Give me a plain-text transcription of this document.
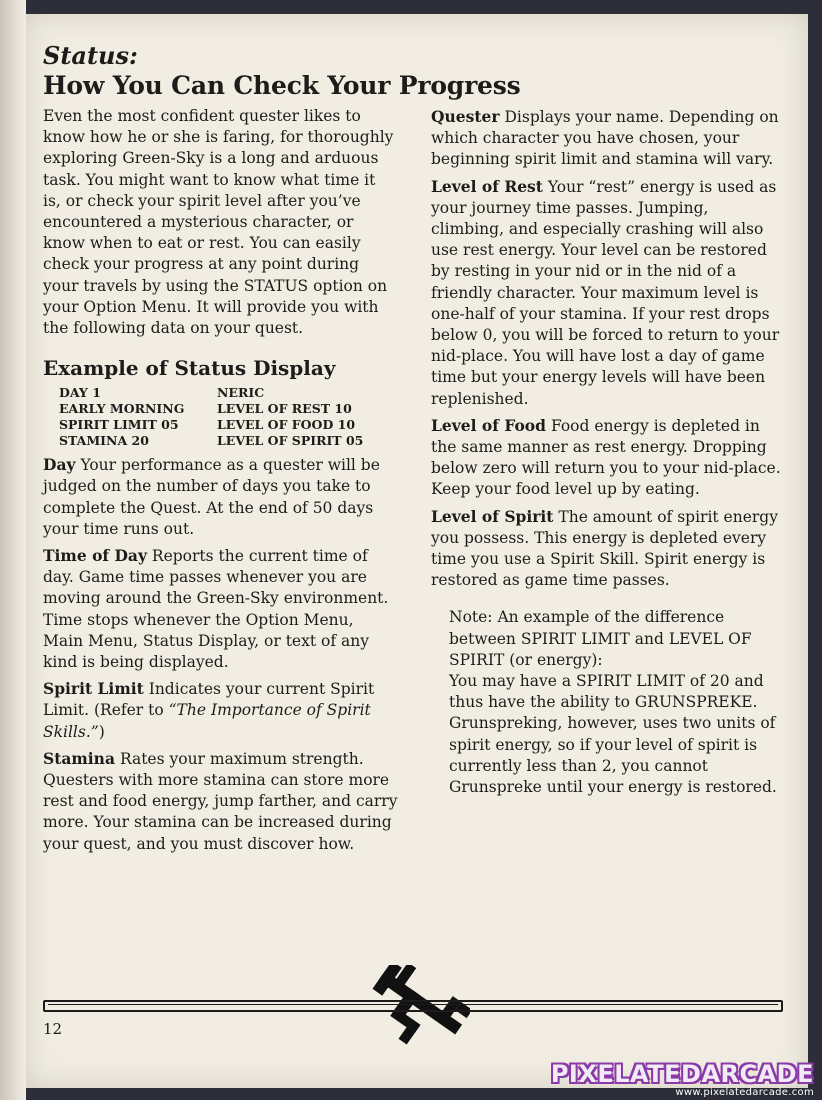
Status:
How You Can Check Your Progress

Even the most confident quester likes to know how he or she is faring, for thoroughly exploring Green-Sky is a long and arduous task. You might want to know what time it is, or check your spirit level after you’ve encountered a mysterious character, or know when to eat or rest. You can easily check your progress at any point during your travels by using the STATUS option on your Option Menu. It will provide you with the following data on your quest.

Example of Status Display

DAY 1	NERIC
EARLY MORNING	LEVEL OF REST 10
SPIRIT LIMIT 05	LEVEL OF FOOD 10
STAMINA 20	LEVEL OF SPIRIT 05

Day Your performance as a quester will be judged on the number of days you take to complete the Quest. At the end of 50 days your time runs out.

Time of Day Reports the current time of day. Game time passes whenever you are moving around the Green-Sky environment. Time stops whenever the Option Menu, Main Menu, Status Display, or text of any kind is being displayed.

Spirit Limit Indicates your current Spirit Limit. (Refer to “The Importance of Spirit Skills.”)

Stamina Rates your maximum strength. Questers with more stamina can store more rest and food energy, jump farther, and carry more. Your stamina can be increased during your quest, and you must discover how.

Quester Displays your name. Depending on which character you have chosen, your beginning spirit limit and stamina will vary.

Level of Rest Your “rest” energy is used as your journey time passes. Jumping, climbing, and especially crashing will also use rest energy. Your level can be restored by resting in your nid or in the nid of a friendly character. Your maximum level is one-half of your stamina. If your rest drops below 0, you will be forced to return to your nid-place. You will have lost a day of game time but your energy levels will have been replenished.

Level of Food Food energy is depleted in the same manner as rest energy. Dropping below zero will return you to your nid-place. Keep your food level up by eating.

Level of Spirit The amount of spirit energy you possess. This energy is depleted every time you use a Spirit Skill. Spirit energy is restored as game time passes.

Note: An example of the difference between SPIRIT LIMIT and LEVEL OF SPIRIT (or energy):

You may have a SPIRIT LIMIT of 20 and thus have the ability to GRUNSPREKE. Grunspreking, however, uses two units of spirit energy, so if your level of spirit is currently less than 2, you cannot Grunspreke until your energy is restored.

12
PIXELATEDARCADE
www.pixelatedarcade.com
